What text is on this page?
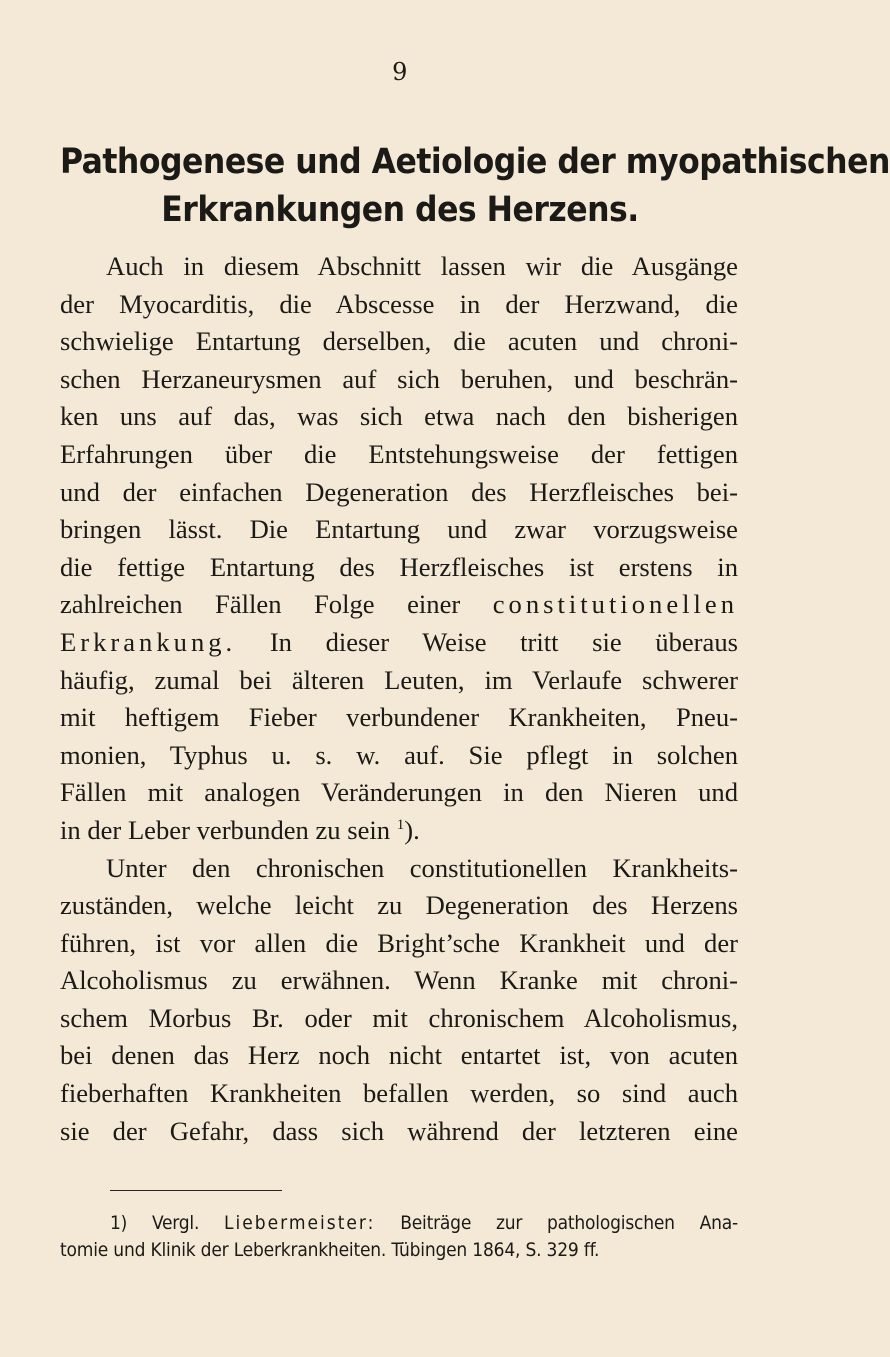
9
Pathogenese und Aetiologie der myopathischen
Erkrankungen des Herzens.
Auch in diesem Abschnitt lassen wir die Ausgänge
der Myocarditis, die Abscesse in der Herzwand, die
schwielige Entartung derselben, die acuten und chroni-
schen Herzaneurysmen auf sich beruhen, und beschrän-
ken uns auf das, was sich etwa nach den bisherigen
Erfahrungen über die Entstehungsweise der fettigen
und der einfachen Degeneration des Herzfleisches bei-
bringen lässt. Die Entartung und zwar vorzugsweise
die fettige Entartung des Herzfleisches ist erstens in
zahlreichen Fällen Folge einer constitutionellen
Erkrankung. In dieser Weise tritt sie überaus
häufig, zumal bei älteren Leuten, im Verlaufe schwerer
mit heftigem Fieber verbundener Krankheiten, Pneu-
monien, Typhus u. s. w. auf. Sie pflegt in solchen
Fällen mit analogen Veränderungen in den Nieren und
in der Leber verbunden zu sein $^1$).
Unter den chronischen constitutionellen Krankheits-
zuständen, welche leicht zu Degeneration des Herzens
führen, ist vor allen die Bright’sche Krankheit und der
Alcoholismus zu erwähnen. Wenn Kranke mit chroni-
schem Morbus Br. oder mit chronischem Alcoholismus,
bei denen das Herz noch nicht entartet ist, von acuten
fieberhaften Krankheiten befallen werden, so sind auch
sie der Gefahr, dass sich während der letzteren eine
1) Vergl. Liebermeister: Beiträge zur pathologischen Ana-
tomie und Klinik der Leberkrankheiten. Tübingen 1864, S. 329 ff.
